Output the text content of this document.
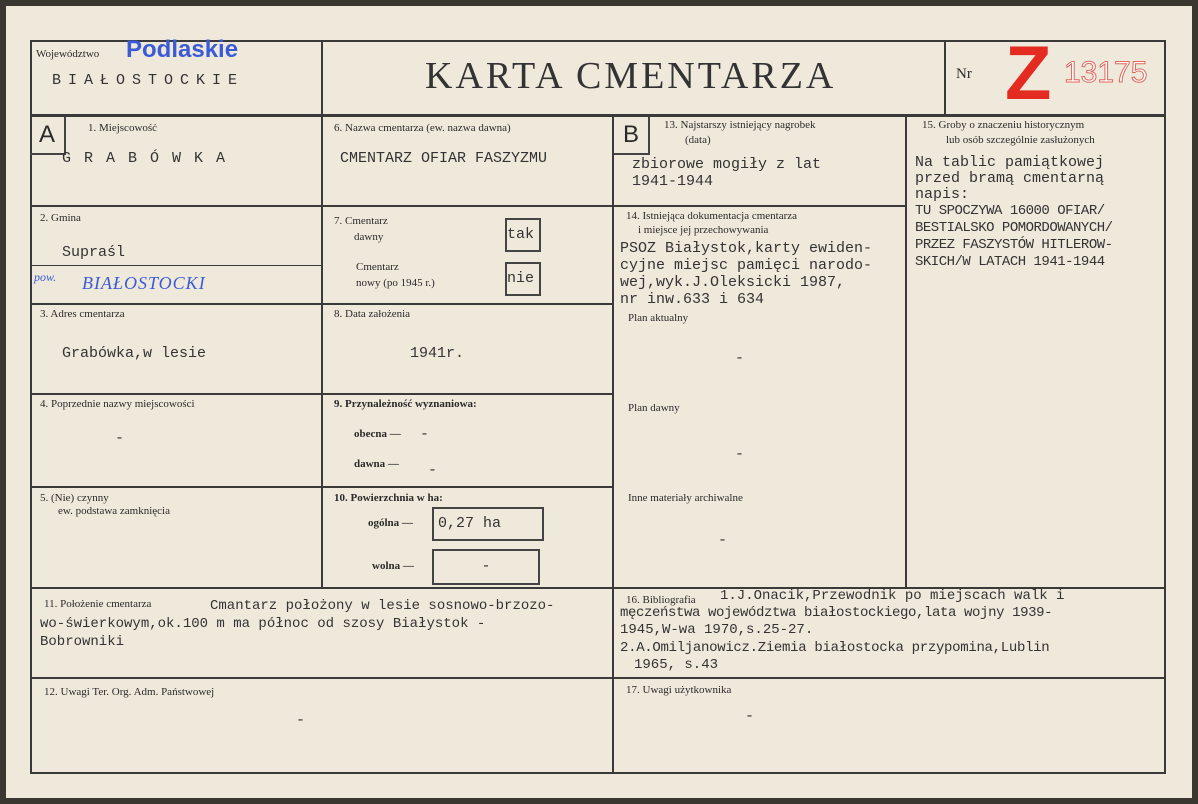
Województwo Podlaskie
BIAŁOSTOCKIE	KARTA CMENTARZA	Nr Z 13175
A	1. Miejscowość
G R A B Ó W K A
2. Gmina
Supraśl
pow. BIAŁOSTOCKI
3. Adres cmentarza
Grabówka,w lesie
4. Poprzednie nazwy miejscowości
-
5. (Nie) czynny
ew. podstawa zamknięcia
6. Nazwa cmentarza (ew. nazwa dawna)
CMENTARZ OFIAR FASZYZMU
7. Cmentarz
dawny	tak
Cmentarz
nowy (po 1945 r.)	nie
8. Data założenia
1941r.
9. Przynależność wyznaniowa:
obecna — -
dawna — -
10. Powierzchnia w ha:
ogólna —	0,27 ha
wolna —	-
B	13. Najstarszy istniejący nagrobek
(data)
zbiorowe mogiły z lat
1941-1944
14. Istniejąca dokumentacja cmentarza
i miejsce jej przechowywania
PSOZ Białystok,karty ewiden-
cyjne miejsc pamięci narodo-
wej,wyk.J.Oleksicki 1987,
nr inw.633 i 634
Plan aktualny
-
Plan dawny
-
Inne materiały archiwalne
-
15. Groby o znaczeniu historycznym
lub osób szczególnie zasłużonych
Na tablic pamiątkowej
przed bramą cmentarną
napis:
TU SPOCZYWA 16000 OFIAR/
BESTIALSKO POMORDOWANYCH/
PRZEZ FASZYSTÓW HITLEROW-
SKICH/W LATACH 1941-1944
11. Położenie cmentarza	Cmantarz położony w lesie sosnowo-brzozo-
wo-świerkowym,ok.100 m ma północ od szosy Białystok -
Bobrowniki
12. Uwagi Ter. Org. Adm. Państwowej
-
16. Bibliografia 1.J.Onacik,Przewodnik po miejscach walk i
męczeństwa województwa białostockiego,lata wojny 1939-
1945,W-wa 1970,s.25-27.
2.A.Omiljanowicz.Ziemia białostocka przypomina,Lublin
1965, s.43
17. Uwagi użytkownika
-
